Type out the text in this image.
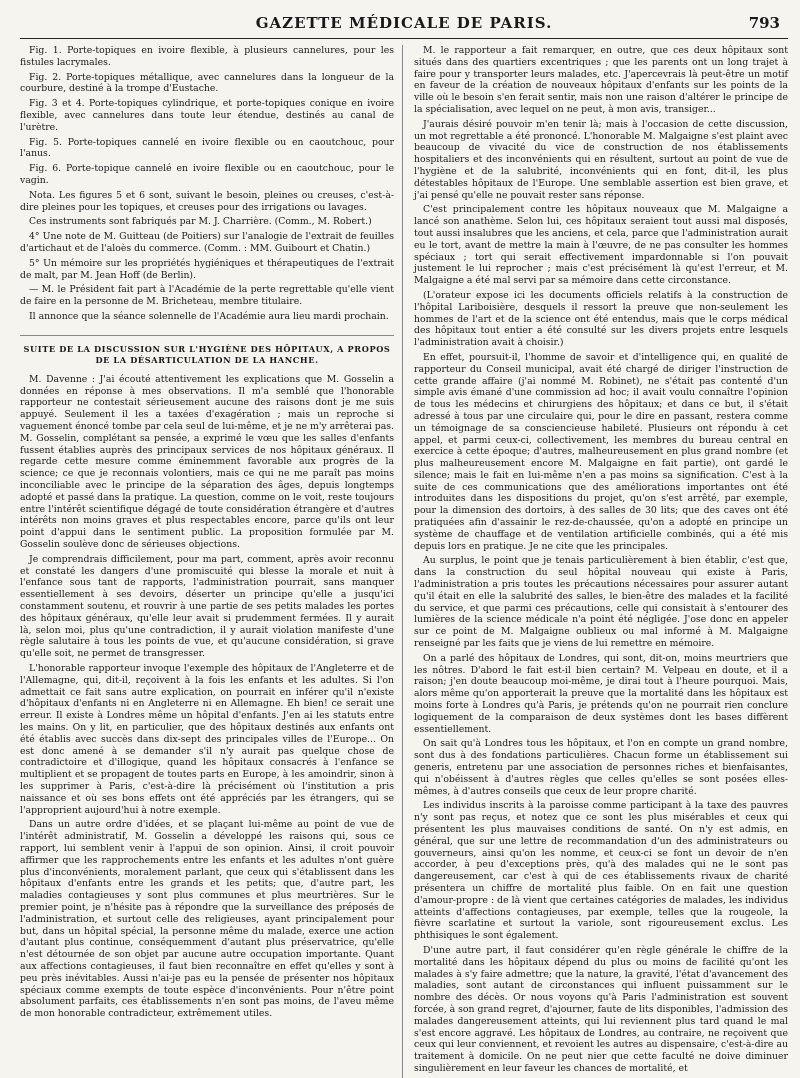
GAZETTE MÉDICALE DE PARIS.	793

Fig. 1. Porte-topiques en ivoire flexible, à plusieurs cannelures, pour les fistules lacrymales.

Fig. 2. Porte-topiques métallique, avec cannelures dans la longueur de la courbure, destiné à la trompe d'Eustache.

Fig. 3 et 4. Porte-topiques cylindrique, et porte-topiques conique en ivoire flexible, avec cannelures dans toute leur étendue, destinés au canal de l'urètre.

Fig. 5. Porte-topiques cannelé en ivoire flexible ou en caoutchouc, pour l'anus.

Fig. 6. Porte-topique cannelé en ivoire flexible ou en caoutchouc, pour le vagin.

Nota. Les figures 5 et 6 sont, suivant le besoin, pleines ou creuses, c'est-à-dire pleines pour les topiques, et creuses pour des irrigations ou lavages.

Ces instruments sont fabriqués par M. J. Charrière. (Comm., M. Robert.)

4° Une note de M. Guitteau (de Poitiers) sur l'analogie de l'extrait de feuilles d'artichaut et de l'aloès du commerce. (Comm. : MM. Guibourt et Chatin.)

5° Un mémoire sur les propriétés hygiéniques et thérapeutiques de l'extrait de malt, par M. Jean Hoff (de Berlin).

— M. le Président fait part à l'Académie de la perte regrettable qu'elle vient de faire en la personne de M. Bricheteau, membre titulaire.

Il annonce que la séance solennelle de l'Académie aura lieu mardi prochain.

SUITE DE LA DISCUSSION SUR L'HYGIÈNE DES HÔPITAUX, A PROPOS DE LA DÉSARTICULATION DE LA HANCHE.

M. Davenne : J'ai écouté attentivement les explications que M. Gosselin a données en réponse à mes observations. Il m'a semblé que l'honorable rapporteur ne contestait sérieusement aucune des raisons dont je me suis appuyé. Seulement il les a taxées d'exagération ; mais un reproche si vaguement énoncé tombe par cela seul de lui-même, et je ne m'y arrêterai pas. M. Gosselin, complétant sa pensée, a exprimé le vœu que les salles d'enfants fussent établies auprès des principaux services de nos hôpitaux généraux. Il regarde cette mesure comme éminemment favorable aux progrès de la science; ce que je reconnais volontiers, mais ce qui ne me paraît pas moins inconciliable avec le principe de la séparation des âges, depuis longtemps adopté et passé dans la pratique. La question, comme on le voit, reste toujours entre l'intérêt scientifique dégagé de toute considération étrangère et d'autres intérêts non moins graves et plus respectables encore, parce qu'ils ont leur point d'appui dans le sentiment public. La proposition formulée par M. Gosselin soulève donc de sérieuses objections.

Je comprendrais difficilement, pour ma part, comment, après avoir reconnu et constaté les dangers d'une promiscuité qui blesse la morale et nuit à l'enfance sous tant de rapports, l'administration pourrait, sans manquer essentiellement à ses devoirs, déserter un principe qu'elle a jusqu'ici constamment soutenu, et rouvrir à une partie de ses petits malades les portes des hôpitaux généraux, qu'elle leur avait si prudemment fermées. Il y aurait là, selon moi, plus qu'une contradiction, il y aurait violation manifeste d'une règle salutaire à tous les points de vue, et qu'aucune considération, si grave qu'elle soit, ne permet de transgresser.

L'honorable rapporteur invoque l'exemple des hôpitaux de l'Angleterre et de l'Allemagne, qui, dit-il, reçoivent à la fois les enfants et les adultes. Si l'on admettait ce fait sans autre explication, on pourrait en inférer qu'il n'existe d'hôpitaux d'enfants ni en Angleterre ni en Allemagne. Eh bien! ce serait une erreur. Il existe à Londres même un hôpital d'enfants. J'en ai les statuts entre les mains. On y lit, en particulier, que des hôpitaux destinés aux enfants ont été établis avec succès dans dix-sept des principales villes de l'Europe... On est donc amené à se demander s'il n'y aurait pas quelque chose de contradictoire et d'illogique, quand les hôpitaux consacrés à l'enfance se multiplient et se propagent de toutes parts en Europe, à les amoindrir, sinon à les supprimer à Paris, c'est-à-dire là précisément où l'institution a pris naissance et où ses bons effets ont été appréciés par les étrangers, qui se l'approprient aujourd'hui à notre exemple.

Dans un autre ordre d'idées, et se plaçant lui-même au point de vue de l'intérêt administratif, M. Gosselin a développé les raisons qui, sous ce rapport, lui semblent venir à l'appui de son opinion. Ainsi, il croit pouvoir affirmer que les rapprochements entre les enfants et les adultes n'ont guère plus d'inconvénients, moralement parlant, que ceux qui s'établissent dans les hôpitaux d'enfants entre les grands et les petits; que, d'autre part, les maladies contagieuses y sont plus communes et plus meurtrières. Sur le premier point, je n'hésite pas à répondre que la surveillance des préposés de l'administration, et surtout celle des religieuses, ayant principalement pour but, dans un hôpital spécial, la personne même du malade, exerce une action d'autant plus continue, conséquemment d'autant plus préservatrice, qu'elle n'est détournée de son objet par aucune autre occupation importante. Quant aux affections contagieuses, il faut bien reconnaître en effet qu'elles y sont à peu près inévitables. Aussi n'ai-je pas eu la pensée de présenter nos hôpitaux spéciaux comme exempts de toute espèce d'inconvénients. Pour n'être point absolument parfaits, ces établissements n'en sont pas moins, de l'aveu même de mon honorable contradicteur, extrêmement utiles.

M. le rapporteur a fait remarquer, en outre, que ces deux hôpitaux sont situés dans des quartiers excentriques ; que les parents ont un long trajet à faire pour y transporter leurs malades, etc. J'apercevrais là peut-être un motif en faveur de la création de nouveaux hôpitaux d'enfants sur les points de la ville où le besoin s'en ferait sentir, mais non une raison d'altérer le principe de la spécialisation, avec lequel on ne peut, à mon avis, transiger...

J'aurais désiré pouvoir m'en tenir là; mais à l'occasion de cette discussion, un mot regrettable a été prononcé. L'honorable M. Malgaigne s'est plaint avec beaucoup de vivacité du vice de construction de nos établissements hospitaliers et des inconvénients qui en résultent, surtout au point de vue de l'hygiène et de la salubrité, inconvénients qui en font, dit-il, les plus détestables hôpitaux de l'Europe. Une semblable assertion est bien grave, et j'ai pensé qu'elle ne pouvait rester sans réponse.

C'est principalement contre les hôpitaux nouveaux que M. Malgaigne a lancé son anathème. Selon lui, ces hôpitaux seraient tout aussi mal disposés, tout aussi insalubres que les anciens, et cela, parce que l'administration aurait eu le tort, avant de mettre la main à l'œuvre, de ne pas consulter les hommes spéciaux ; tort qui serait effectivement impardonnable si l'on pouvait justement le lui reprocher ; mais c'est précisément là qu'est l'erreur, et M. Malgaigne a été mal servi par sa mémoire dans cette circonstance.

(L'orateur expose ici les documents officiels relatifs à la construction de l'hôpital Lariboisière, desquels il ressort la preuve que non-seulement les hommes de l'art et de la science ont été entendus, mais que le corps médical des hôpitaux tout entier a été consulté sur les divers projets entre lesquels l'administration avait à choisir.)

En effet, poursuit-il, l'homme de savoir et d'intelligence qui, en qualité de rapporteur du Conseil municipal, avait été chargé de diriger l'instruction de cette grande affaire (j'ai nommé M. Robinet), ne s'était pas contenté d'un simple avis émané d'une commission ad hoc; il avait voulu connaître l'opinion de tous les médecins et chirurgiens des hôpitaux; et dans ce but, il s'était adressé à tous par une circulaire qui, pour le dire en passant, restera comme un témoignage de sa consciencieuse habileté. Plusieurs ont répondu à cet appel, et parmi ceux-ci, collectivement, les membres du bureau central en exercice à cette époque; d'autres, malheureusement en plus grand nombre (et plus malheureusement encore M. Malgaigne en fait partie), ont gardé le silence; mais le fait en lui-même n'en a pas moins sa signification. C'est à la suite de ces communications que des améliorations importantes ont été introduites dans les dispositions du projet, qu'on s'est arrêté, par exemple, pour la dimension des dortoirs, à des salles de 30 lits; que des caves ont été pratiquées afin d'assainir le rez-de-chaussée, qu'on a adopté en principe un système de chauffage et de ventilation artificielle combinés, qui a été mis depuis lors en pratique. Je ne cite que les principales.

Au surplus, le point que je tenais particulièrement à bien établir, c'est que, dans la construction du seul hôpital nouveau qui existe à Paris, l'administration a pris toutes les précautions nécessaires pour assurer autant qu'il était en elle la salubrité des salles, le bien-être des malades et la facilité du service, et que parmi ces précautions, celle qui consistait à s'entourer des lumières de la science médicale n'a point été négligée. J'ose donc en appeler sur ce point de M. Malgaigne oublieux ou mal informé à M. Malgaigne renseigné par les faits que je viens de lui remettre en mémoire.

On a parlé des hôpitaux de Londres, qui sont, dit-on, moins meurtriers que les nôtres. D'abord le fait est-il bien certain? M. Velpeau en doute, et il a raison; j'en doute beaucoup moi-même, je dirai tout à l'heure pourquoi. Mais, alors même qu'on apporterait la preuve que la mortalité dans les hôpitaux est moins forte à Londres qu'à Paris, je prétends qu'on ne pourrait rien conclure logiquement de la comparaison de deux systèmes dont les bases diffèrent essentiellement.

On sait qu'à Londres tous les hôpitaux, et l'on en compte un grand nombre, sont dus à des fondations particulières. Chacun forme un établissement sui generis, entretenu par une association de personnes riches et bienfaisantes, qui n'obéissent à d'autres règles que celles qu'elles se sont posées elles-mêmes, à d'autres conseils que ceux de leur propre charité.

Les individus inscrits à la paroisse comme participant à la taxe des pauvres n'y sont pas reçus, et notez que ce sont les plus misérables et ceux qui présentent les plus mauvaises conditions de santé. On n'y est admis, en général, que sur une lettre de recommandation d'un des administrateurs ou gouverneurs, ainsi qu'on les nomme, et ceux-ci se font un devoir de n'en accorder, à peu d'exceptions près, qu'à des malades qui ne le sont pas dangereusement, car c'est à qui de ces établissements rivaux de charité présentera un chiffre de mortalité plus faible. On en fait une question d'amour-propre : de là vient que certaines catégories de malades, les individus atteints d'affections contagieuses, par exemple, telles que la rougeole, la fièvre scarlatine et surtout la variole, sont rigoureusement exclus. Les phthisiques le sont également.

D'une autre part, il faut considérer qu'en règle générale le chiffre de la mortalité dans les hôpitaux dépend du plus ou moins de facilité qu'ont les malades à s'y faire admettre; que la nature, la gravité, l'état d'avancement des maladies, sont autant de circonstances qui influent puissamment sur le nombre des décès. Or nous voyons qu'à Paris l'administration est souvent forcée, à son grand regret, d'ajourner, faute de lits disponibles, l'admission des malades dangereusement atteints, qui lui reviennent plus tard quand le mal s'est encore aggravé. Les hôpitaux de Londres, au contraire, ne reçoivent que ceux qui leur conviennent, et revoient les autres au dispensaire, c'est-à-dire au traitement à domicile. On ne peut nier que cette faculté ne doive diminuer singulièrement en leur faveur les chances de mortalité, et
